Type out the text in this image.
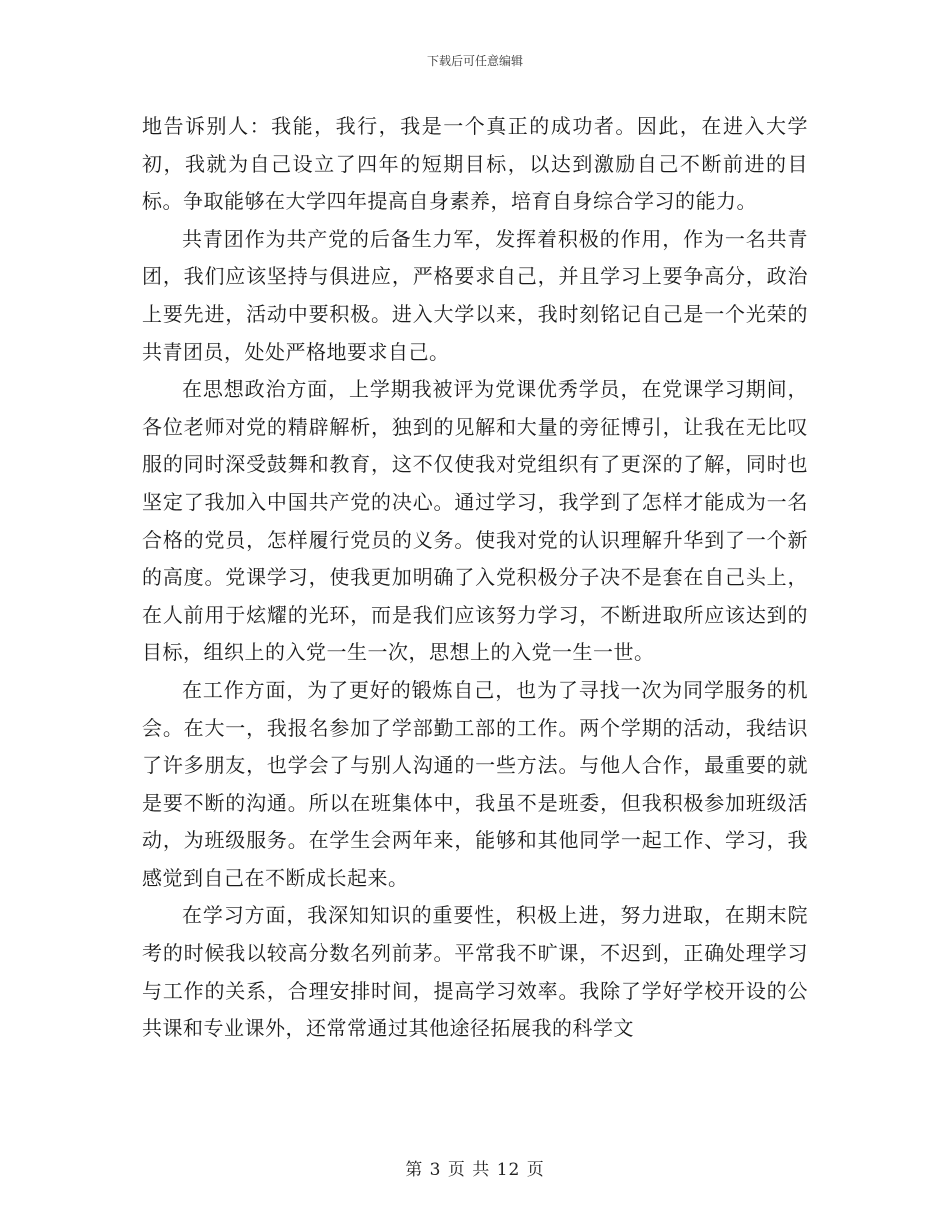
下载后可任意编辑

地告诉别人：我能，我行，我是一个真正的成功者。因此，在进入大学初，我就为自己设立了四年的短期目标，以达到激励自己不断前进的目标。争取能够在大学四年提高自身素养，培育自身综合学习的能力。

共青团作为共产党的后备生力军，发挥着积极的作用，作为一名共青团，我们应该坚持与俱进应，严格要求自己，并且学习上要争高分，政治上要先进，活动中要积极。进入大学以来，我时刻铭记自己是一个光荣的共青团员，处处严格地要求自己。

在思想政治方面，上学期我被评为党课优秀学员，在党课学习期间，各位老师对党的精辟解析，独到的见解和大量的旁征博引，让我在无比叹服的同时深受鼓舞和教育，这不仅使我对党组织有了更深的了解，同时也坚定了我加入中国共产党的决心。通过学习，我学到了怎样才能成为一名合格的党员，怎样履行党员的义务。使我对党的认识理解升华到了一个新的高度。党课学习，使我更加明确了入党积极分子决不是套在自己头上，在人前用于炫耀的光环，而是我们应该努力学习，不断进取所应该达到的目标，组织上的入党一生一次，思想上的入党一生一世。

在工作方面，为了更好的锻炼自己，也为了寻找一次为同学服务的机会。在大一，我报名参加了学部勤工部的工作。两个学期的活动，我结识了许多朋友，也学会了与别人沟通的一些方法。与他人合作，最重要的就是要不断的沟通。所以在班集体中，我虽不是班委，但我积极参加班级活动，为班级服务。在学生会两年来，能够和其他同学一起工作、学习，我感觉到自己在不断成长起来。

在学习方面，我深知知识的重要性，积极上进，努力进取，在期末院考的时候我以较高分数名列前茅。平常我不旷课，不迟到，正确处理学习与工作的关系，合理安排时间，提高学习效率。我除了学好学校开设的公共课和专业课外，还常常通过其他途径拓展我的科学文

第 3 页 共 12 页
